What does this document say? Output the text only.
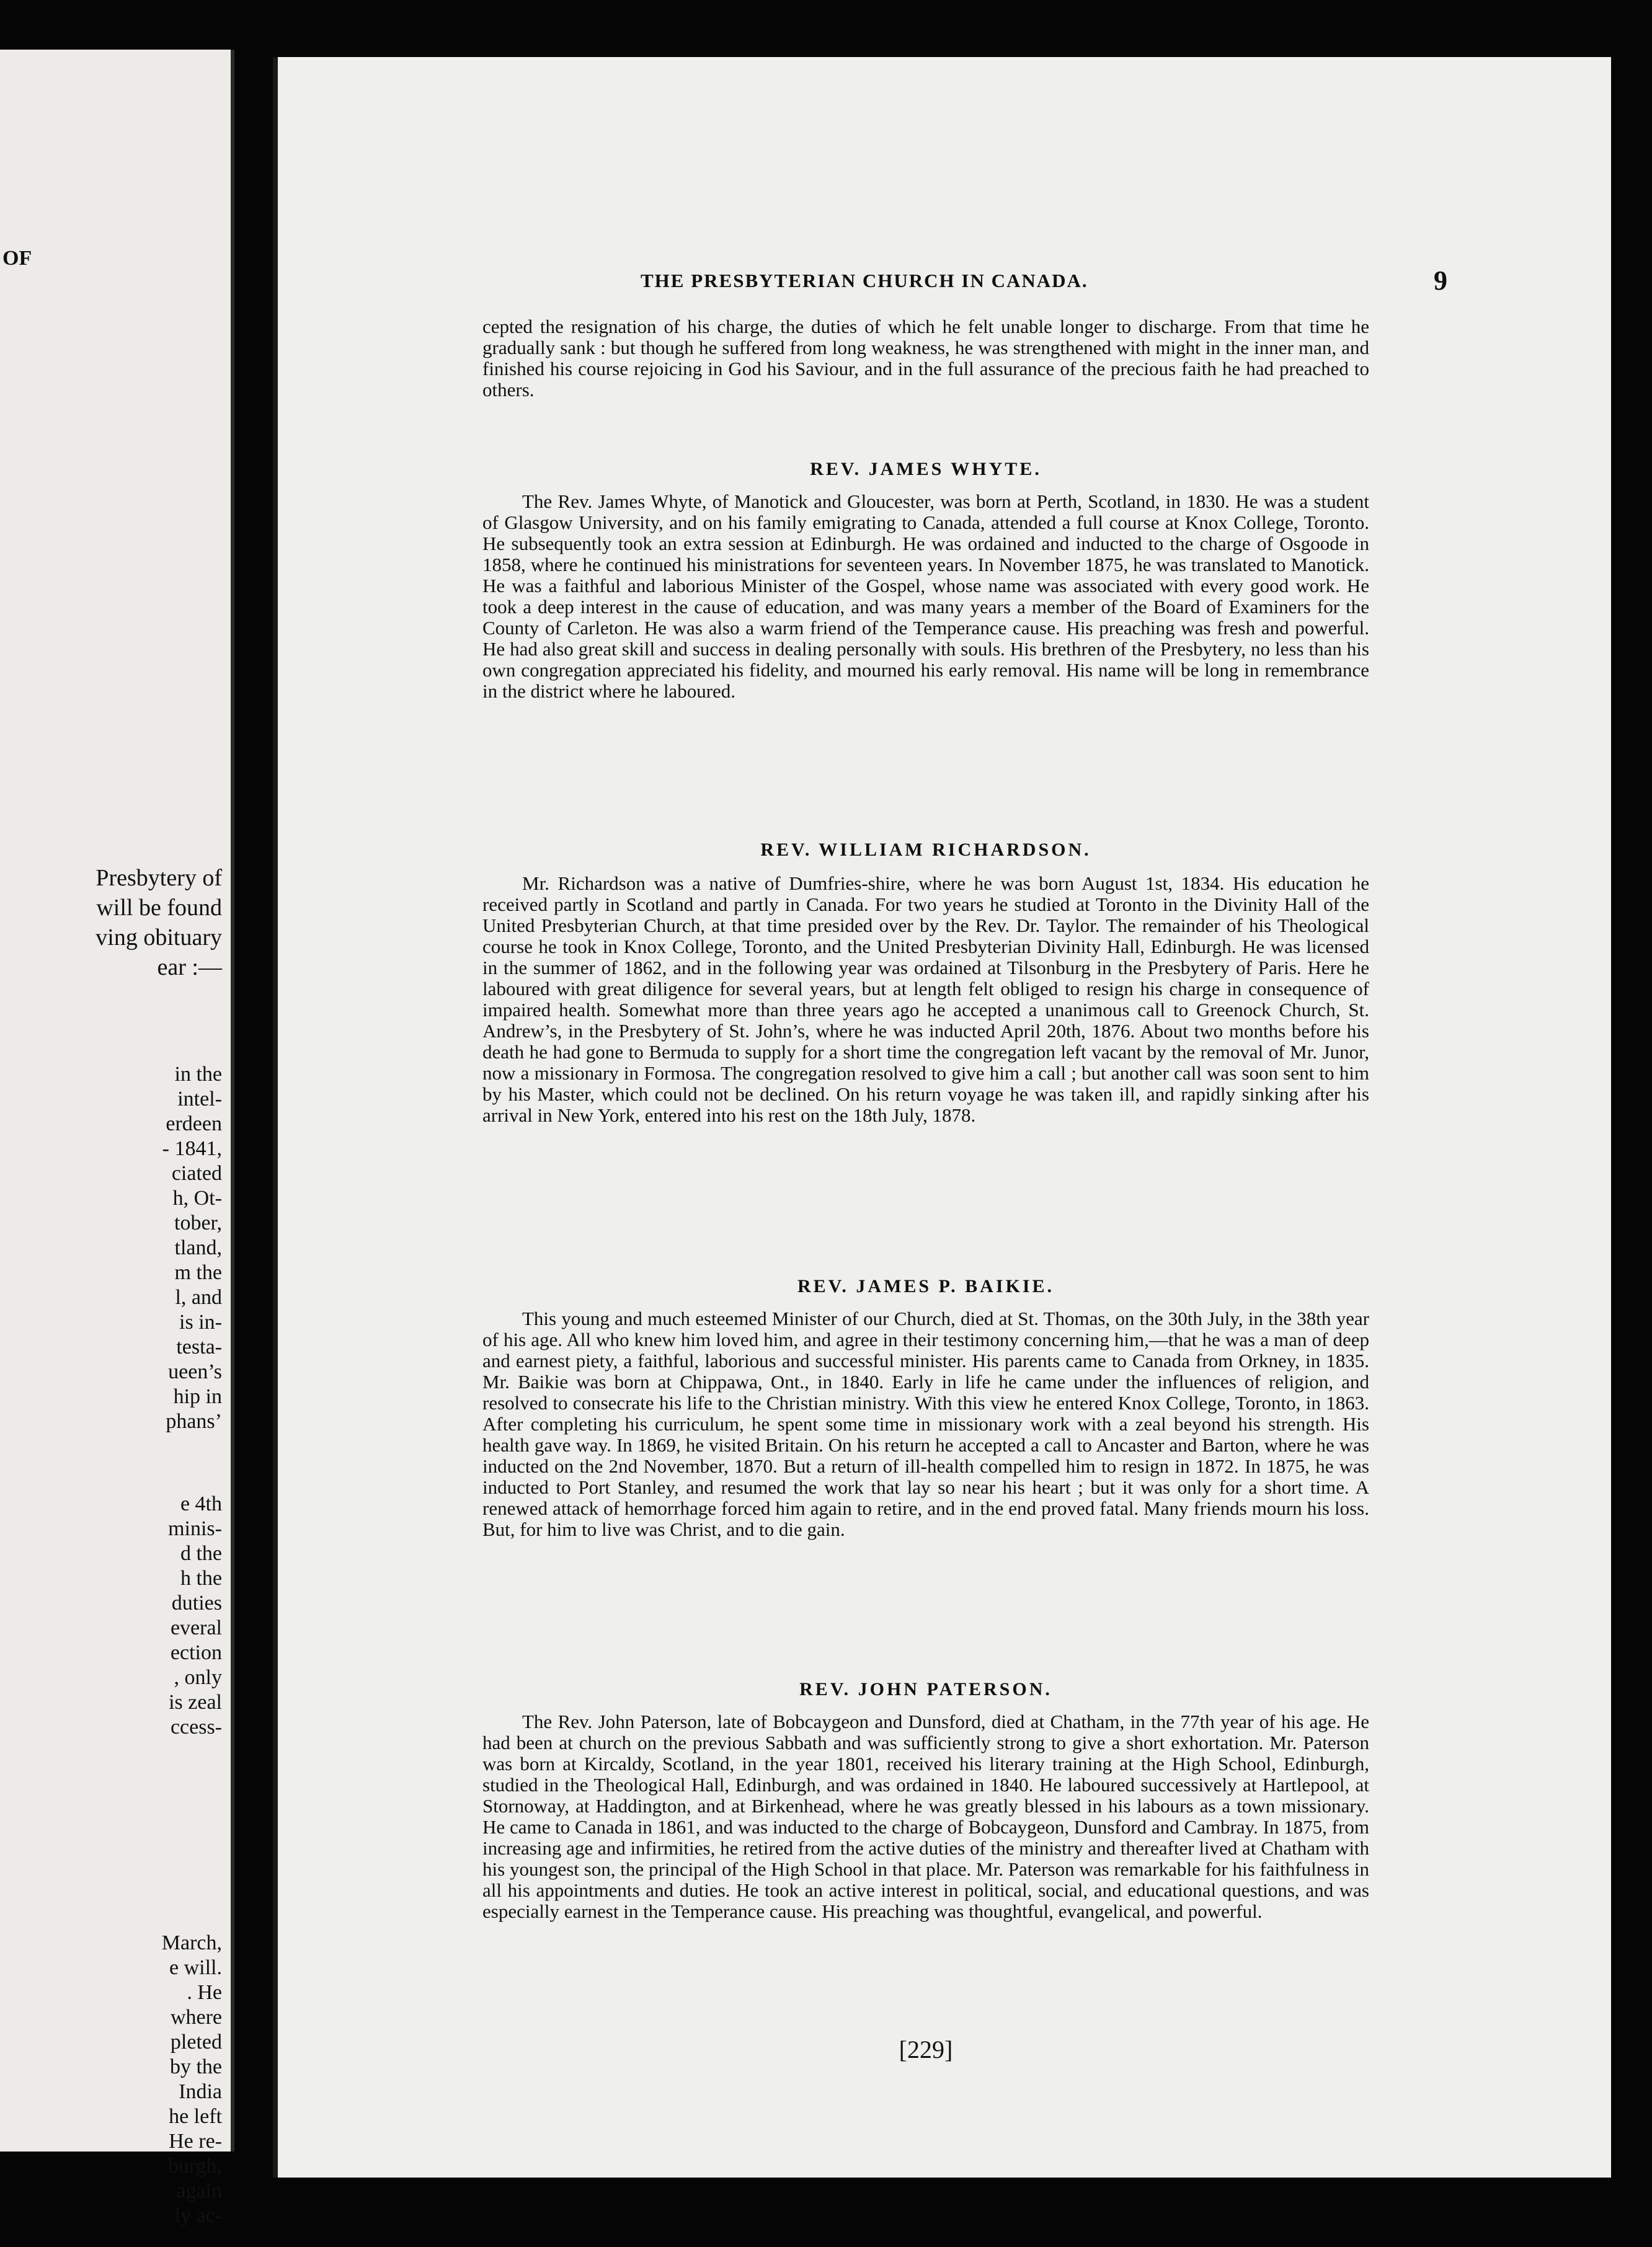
OF
Presbytery of
will be found
ving obituary
ear :—
in the
intel-
erdeen
- 1841,
ciated
h, Ot-
tober,
tland,
m the
l, and
is in-
testa-
ueen’s
hip in
phans’
e 4th
minis-
d the
h the
duties
everal
ection
, only
is zeal
ccess-
March,
e will.
. He
where
pleted
by the
India
he left
He re-
burgh,
again
ly ac-
THE PRESBYTERIAN CHURCH IN CANADA.	9

cepted the resignation of his charge, the duties of which he felt unable longer to discharge. From that time he gradually sank : but though he suffered from long weakness, he was strengthened with might in the inner man, and finished his course rejoicing in God his Saviour, and in the full assurance of the precious faith he had preached to others.

REV. JAMES WHYTE.

The Rev. James Whyte, of Manotick and Gloucester, was born at Perth, Scotland, in 1830. He was a student of Glasgow University, and on his family emigrating to Canada, attended a full course at Knox College, Toronto. He subsequently took an extra session at Edinburgh. He was ordained and inducted to the charge of Osgoode in 1858, where he continued his ministrations for seventeen years. In November 1875, he was translated to Manotick. He was a faithful and laborious Minister of the Gospel, whose name was associated with every good work. He took a deep interest in the cause of education, and was many years a member of the Board of Examiners for the County of Carleton. He was also a warm friend of the Temperance cause. His preaching was fresh and powerful. He had also great skill and success in dealing personally with souls. His brethren of the Presbytery, no less than his own congregation appreciated his fidelity, and mourned his early removal. His name will be long in remembrance in the district where he laboured.

REV. WILLIAM RICHARDSON.

Mr. Richardson was a native of Dumfries-shire, where he was born August 1st, 1834. His education he received partly in Scotland and partly in Canada. For two years he studied at Toronto in the Divinity Hall of the United Presbyterian Church, at that time presided over by the Rev. Dr. Taylor. The remainder of his Theological course he took in Knox College, Toronto, and the United Presbyterian Divinity Hall, Edinburgh. He was licensed in the summer of 1862, and in the following year was ordained at Tilsonburg in the Presbytery of Paris. Here he laboured with great diligence for several years, but at length felt obliged to resign his charge in consequence of impaired health. Somewhat more than three years ago he accepted a unanimous call to Greenock Church, St. Andrew’s, in the Presbytery of St. John’s, where he was inducted April 20th, 1876. About two months before his death he had gone to Bermuda to supply for a short time the congregation left vacant by the removal of Mr. Junor, now a missionary in Formosa. The congregation resolved to give him a call ; but another call was soon sent to him by his Master, which could not be declined. On his return voyage he was taken ill, and rapidly sinking after his arrival in New York, entered into his rest on the 18th July, 1878.

REV. JAMES P. BAIKIE.

This young and much esteemed Minister of our Church, died at St. Thomas, on the 30th July, in the 38th year of his age. All who knew him loved him, and agree in their testimony concerning him,—that he was a man of deep and earnest piety, a faithful, laborious and successful minister. His parents came to Canada from Orkney, in 1835. Mr. Baikie was born at Chippawa, Ont., in 1840. Early in life he came under the influences of religion, and resolved to consecrate his life to the Christian ministry. With this view he entered Knox College, Toronto, in 1863. After completing his curriculum, he spent some time in missionary work with a zeal beyond his strength. His health gave way. In 1869, he visited Britain. On his return he accepted a call to Ancaster and Barton, where he was inducted on the 2nd November, 1870. But a return of ill-health compelled him to resign in 1872. In 1875, he was inducted to Port Stanley, and resumed the work that lay so near his heart ; but it was only for a short time. A renewed attack of hemorrhage forced him again to retire, and in the end proved fatal. Many friends mourn his loss. But, for him to live was Christ, and to die gain.

REV. JOHN PATERSON.

The Rev. John Paterson, late of Bobcaygeon and Dunsford, died at Chatham, in the 77th year of his age. He had been at church on the previous Sabbath and was sufficiently strong to give a short exhortation. Mr. Paterson was born at Kircaldy, Scotland, in the year 1801, received his literary training at the High School, Edinburgh, studied in the Theological Hall, Edinburgh, and was ordained in 1840. He laboured successively at Hartlepool, at Stornoway, at Haddington, and at Birkenhead, where he was greatly blessed in his labours as a town missionary. He came to Canada in 1861, and was inducted to the charge of Bobcaygeon, Dunsford and Cambray. In 1875, from increasing age and infirmities, he retired from the active duties of the ministry and thereafter lived at Chatham with his youngest son, the principal of the High School in that place. Mr. Paterson was remarkable for his faithfulness in all his appointments and duties. He took an active interest in political, social, and educational questions, and was especially earnest in the Temperance cause. His preaching was thoughtful, evangelical, and powerful.

[229]
